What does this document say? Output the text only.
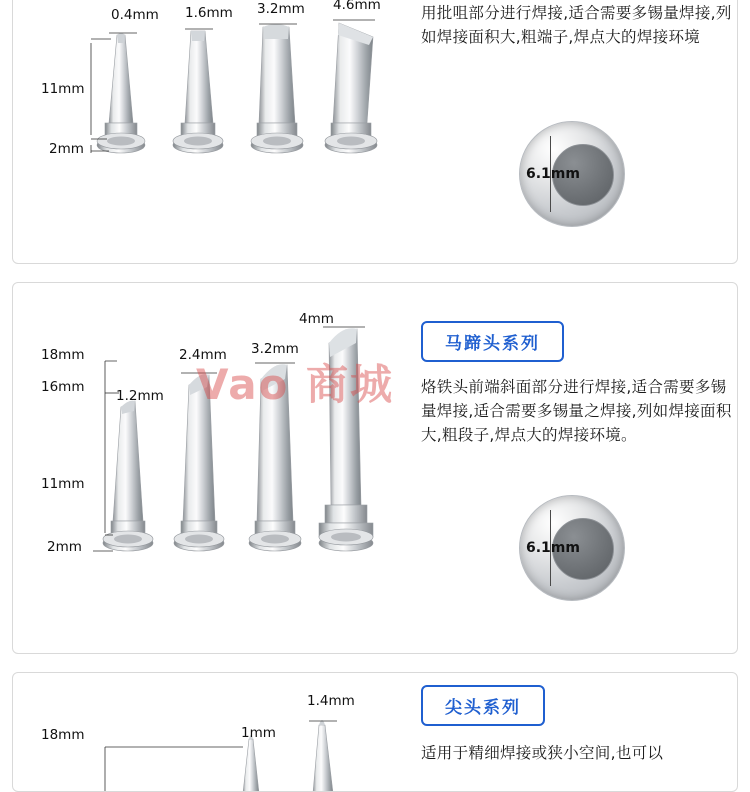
0.4mm 1.6mm 3.2mm 4.6mm
11mm
2mm
用批咀部分进行焊接,适合需要多锡量焊接,列如焊接面积大,粗端子,焊点大的焊接环境
6.1mm
4mm
2.4mm 3.2mm
1.2mm
18mm
16mm
11mm
2mm
马蹄头系列
烙铁头前端斜面部分进行焊接,适合需要多锡量焊接,适合需要多锡量之焊接,列如焊接面积大,粗段子,焊点大的焊接环境。
6.1mm
1.4mm
1mm
18mm
尖头系列
适用于精细焊接或狭小空间,也可以
Vao 商城
